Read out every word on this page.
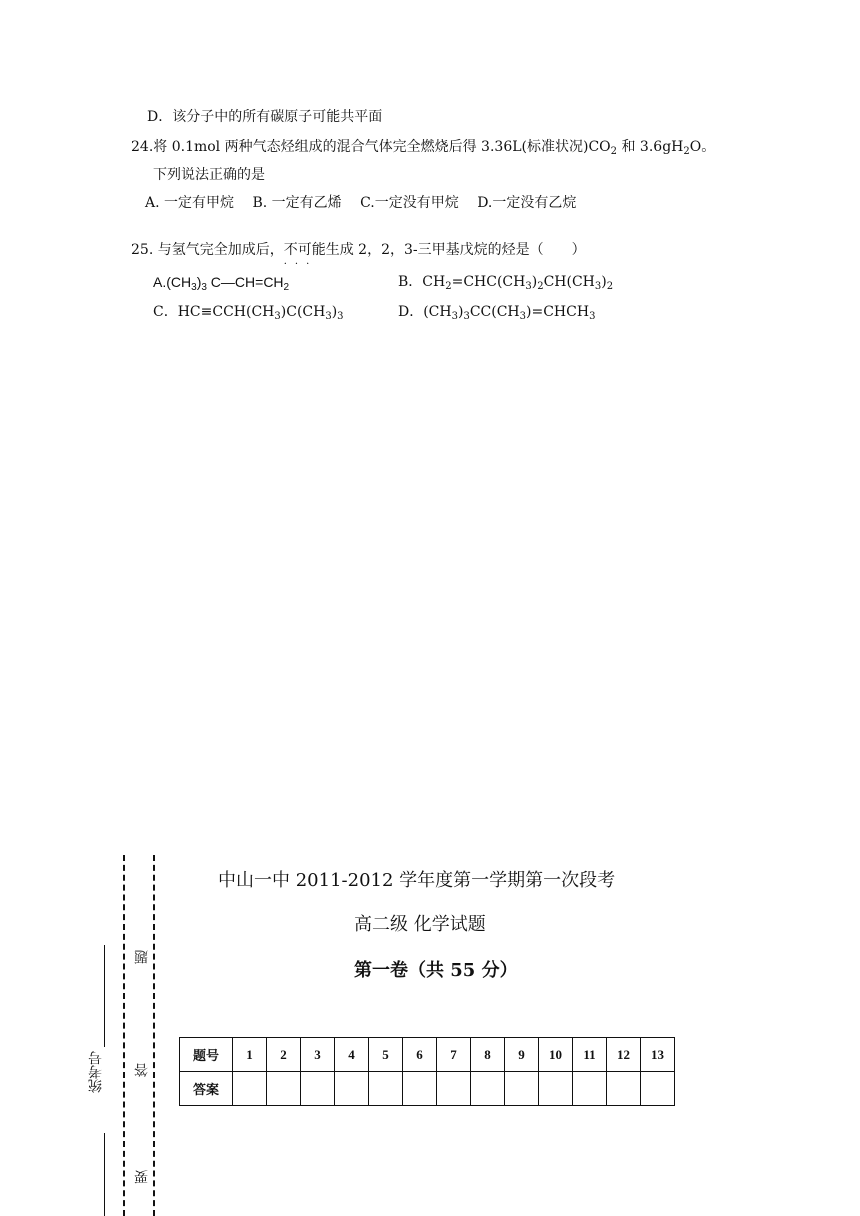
D．该分子中的所有碳原子可能共平面
24.将 0.1mol 两种气态烃组成的混合气体完全燃烧后得 3.36L(标准状况)$CO_2$ 和 $3.6gH_2O$。
下列说法正确的是
A. 一定有甲烷　 B. 一定有乙烯　 C.一定没有甲烷　 D.一定没有乙烷
25. 与氢气完全加成后，不可能
···
生成 2，2，3-三甲基戊烷的烃是（　　）
$A.(CH_3)_3$ $C—CH=CH_2$	B．$CH_2=CHC(CH_3)_2CH(CH_3)_2$
C．$HC\equiv CCH(CH_3)C(CH_3)_3$	D．$(CH_3)_3CC(CH_3)=CHCH_3$
题
答
要
统考号
中山一中 2011-2012 学年度第一学期第一次段考
高二级 化学试题
第一卷（共 55 分）
题号	1	2	3	4	5	6	7	8	9	10	11	12	13
答案													
